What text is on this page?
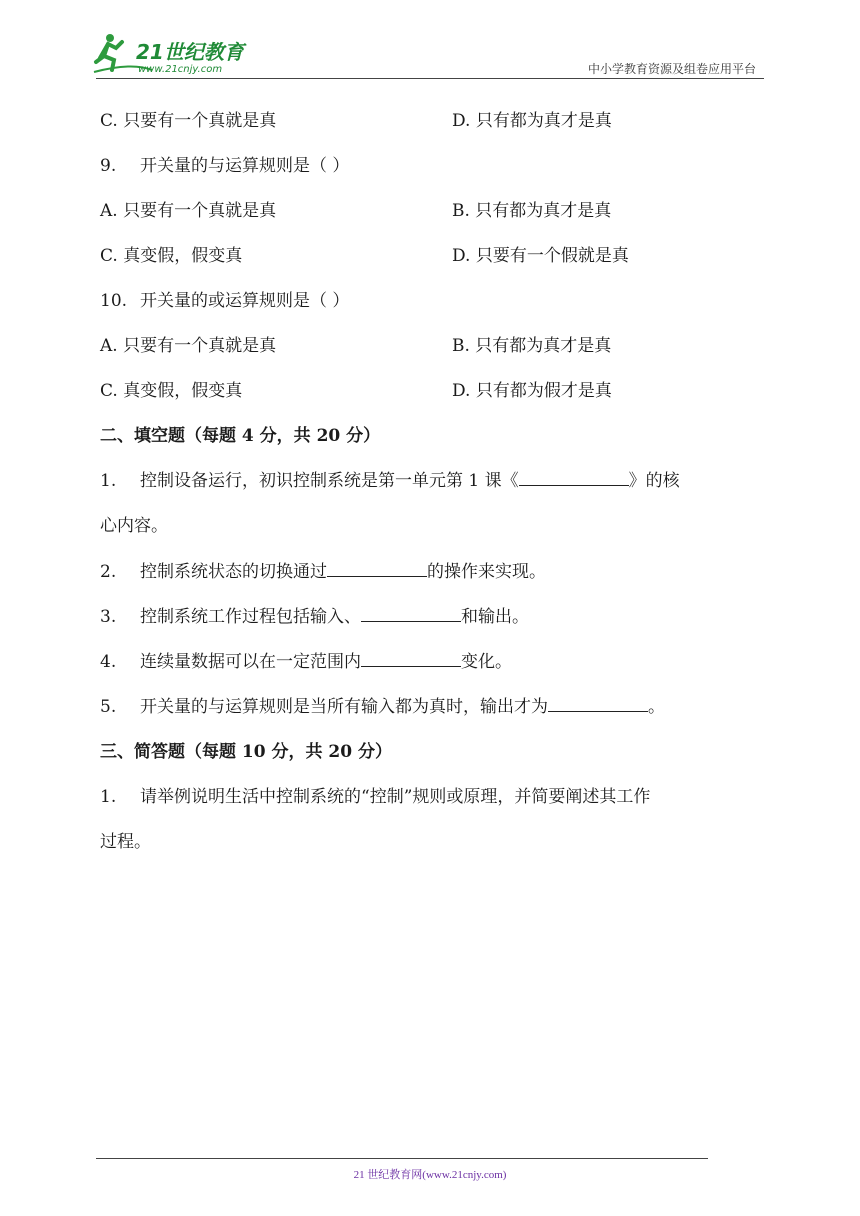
21世纪教育
www.21cnjy.com	中小学教育资源及组卷应用平台
C. 只要有一个真就是真	D. 只有都为真才是真
9. 开关量的与运算规则是（ ）
A. 只要有一个真就是真	B. 只有都为真才是真
C. 真变假，假变真	D. 只要有一个假就是真
10. 开关量的或运算规则是（ ）
A. 只要有一个真就是真	B. 只有都为真才是真
C. 真变假，假变真	D. 只有都为假才是真
二、填空题（每题 4 分，共 20 分）
1. 控制设备运行，初识控制系统是第一单元第 1 课《	》的核
心内容。
2. 控制系统状态的切换通过	的操作来实现。
3. 控制系统工作过程包括输入、	和输出。
4. 连续量数据可以在一定范围内	变化。
5. 开关量的与运算规则是当所有输入都为真时，输出才为	。
三、简答题（每题 10 分，共 20 分）
1. 请举例说明生活中控制系统的“控制”规则或原理，并简要阐述其工作
过程。
21 世纪教育网(www.21cnjy.com)
